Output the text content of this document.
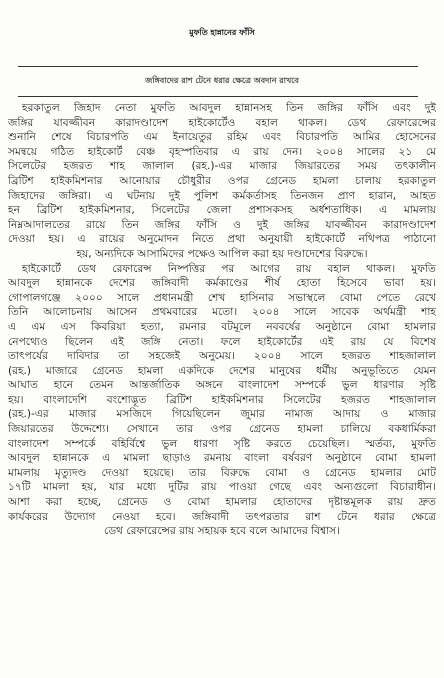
মুফতি হান্নানের ফাঁসি
জঙ্গিবাদের রাশ টেনে ধরার ক্ষেত্রে অবদান রাখবে
হরকাতুল জিহাদ নেতা মুফতি আবদুল হান্নানসহ তিন জঙ্গির ফাঁসি এবং দুই
জঙ্গির যাবজ্জীবন কারাদণ্ডাদেশ হাইকোর্টেও বহাল থাকল। ডেথ রেফারেন্সের
শুনানি শেষে বিচারপতি এম ইনায়েতুর রহিম এবং বিচারপতি আমির হোসেনের
সমন্বয়ে গঠিত হাইকোর্ট বেঞ্চ বৃহস্পতিবার এ রায় দেন। ২০০৪ সালের ২১ মে
সিলেটের হজরত শাহ জালাল (রহ.)-এর মাজার জিয়ারতের সময় তৎকালীন
ব্রিটিশ হাইকমিশনার আনোয়ার চৌধুরীর ওপর গ্রেনেড হামলা চালায় হরকাতুল
জিহাদের জঙ্গিরা। এ ঘটনায় দুই পুলিশ কর্মকর্তাসহ তিনজন প্রাণ হারান, আহত
হন ব্রিটিশ হাইকমিশনার, সিলেটের জেলা প্রশাসকসহ অর্ধশতাধিক। এ মামলায়
নিম্নআদালতের রায়ে তিন জঙ্গির ফাঁসি ও দুই জঙ্গির যাবজ্জীবন কারাদণ্ডাদেশ
দেওয়া হয়। এ রায়ের অনুমোদন নিতে প্রথা অনুযায়ী হাইকোর্টে নথিপত্র পাঠানো
হয়, অন্যদিকে আসামিদের পক্ষেও আপিল করা হয় দণ্ডাদেশের বিরুদ্ধে।
হাইকোর্টে ডেথ রেফারেন্স নিষ্পত্তির পর আগের রায় বহাল থাকল। মুফতি
আবদুল হান্নানকে দেশের জঙ্গিবাদী কর্মকাণ্ডের শীর্ষ হোতা হিসেবে ভাবা হয়।
গোপালগঞ্জে ২০০০ সালে প্রধানমন্ত্রী শেখ হাসিনার সভাস্থলে বোমা পেতে রেখে
তিনি আলোচনায় আসেন প্রথমবারের মতো। ২০০৪ সালে সাবেক অর্থমন্ত্রী শাহ
এ এম এস কিবরিয়া হত্যা, রমনার বটমূলে নববর্ষের অনুষ্ঠানে বোমা হামলার
নেপথ্যেও ছিলেন এই জঙ্গি নেতা। ফলে হাইকোর্টের এই রায় যে বিশেষ
তাৎপর্যের দাবিদার তা সহজেই অনুমেয়। ২০০৪ সালে হজরত শাহজালাল
(রহ.) মাজারে গ্রেনেড হামলা একদিকে দেশের মানুষের ধর্মীয় অনুভূতিতে যেমন
আঘাত হানে তেমন আন্তর্জাতিক অঙ্গনে বাংলাদেশ সম্পর্কে ভুল ধারণার সৃষ্টি
হয়। বাংলাদেশি বংশোদ্ভূত ব্রিটিশ হাইকমিশনার সিলেটের হজরত শাহজালাল
(রহ.)-এর মাজার মসজিদে গিয়েছিলেন জুমার নামাজ আদায় ও মাজার
জিয়ারতের উদ্দেশ্যে। সেখানে তার ওপর গ্রেনেড হামলা চালিয়ে বকধার্মিকরা
বাংলাদেশ সম্পর্কে বহির্বিশ্বে ভুল ধারণা সৃষ্টি করতে চেয়েছিল। স্মর্তব্য, মুফতি
আবদুল হান্নানকে এ মামলা ছাড়াও রমনায় বাংলা বর্ষবরণ অনুষ্ঠানে বোমা হামলা
মামলায় মৃত্যুদণ্ড দেওয়া হয়েছে। তার বিরুদ্ধে বোমা ও গ্রেনেড হামলার মোট
১৭টি মামলা হয়, যার মধ্যে দুটির রায় পাওয়া গেছে এবং অন্যগুলো বিচারাধীন।
আশা করা হচ্ছে, গ্রেনেড ও বোমা হামলার হোতাদের দৃষ্টান্তমূলক রায় দ্রুত
কার্যকরের উদ্যোগ নেওয়া হবে। জঙ্গিবাদী তৎপরতার রাশ টেনে ধরার ক্ষেত্রে
ডেথ রেফারেন্সের রায় সহায়ক হবে বলে আমাদের বিশ্বাস।
